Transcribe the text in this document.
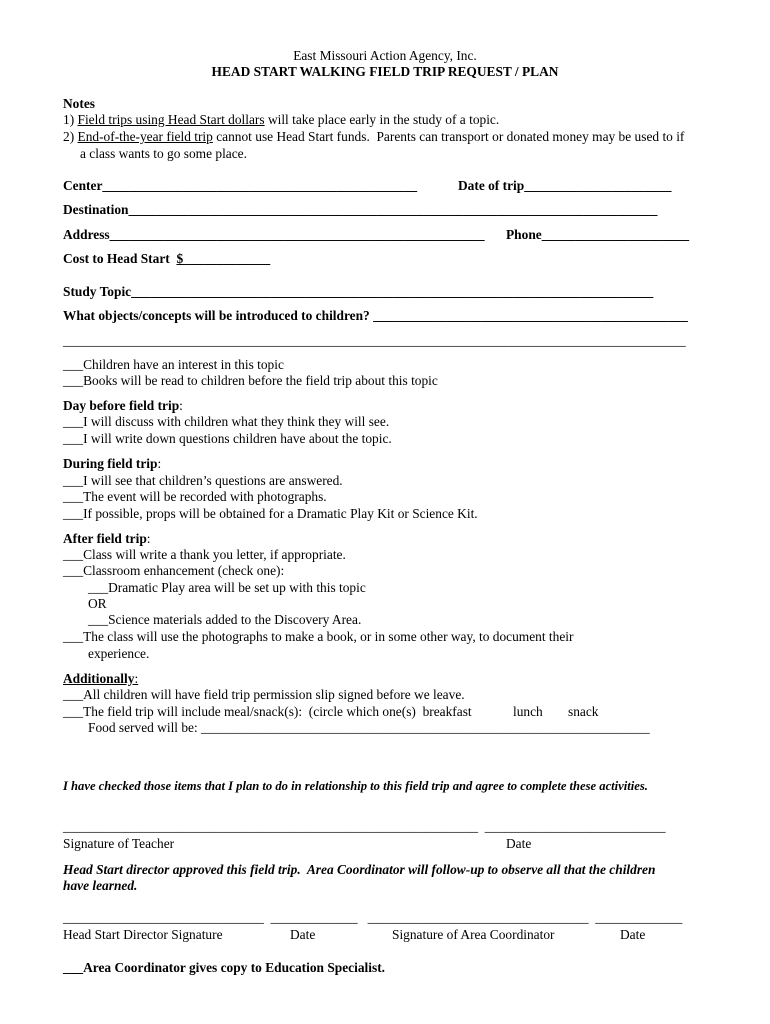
East Missouri Action Agency, Inc.
HEAD START WALKING FIELD TRIP REQUEST / PLAN
Notes
1) Field trips using Head Start dollars will take place early in the study of a topic.
2) End-of-the-year field trip cannot use Head Start funds.  Parents can transport or donated money may be used to if
a class wants to go some place.
Center_______________________________________________	Date of trip______________________
Destination_______________________________________________________________________________
Address________________________________________________________ Phone______________________
Cost to Head Start  $_____________
Study Topic______________________________________________________________________________
What objects/concepts will be introduced to children? _______________________________________________
_____________________________________________________________________________________________
___Children have an interest in this topic
___Books will be read to children before the field trip about this topic
Day before field trip:
___I will discuss with children what they think they will see.
___I will write down questions children have about the topic.
During field trip:
___I will see that children’s questions are answered.
___The event will be recorded with photographs.
___If possible, props will be obtained for a Dramatic Play Kit or Science Kit.
After field trip:
___Class will write a thank you letter, if appropriate.
___Classroom enhancement (check one):
___Dramatic Play area will be set up with this topic
OR
___Science materials added to the Discovery Area.
___The class will use the photographs to make a book, or in some other way, to document their
experience.
Additionally:
___All children will have field trip permission slip signed before we leave.
___The field trip will include meal/snack(s):  (circle which one(s)  breakfast	lunch snack
Food served will be: ___________________________________________________________________
I have checked those items that I plan to do in relationship to this field trip and agree to complete these activities.
______________________________________________________________  ___________________________
Signature of Teacher	Date
Head Start director approved this field trip.  Area Coordinator will follow-up to observe all that the children
have learned.
______________________________  _____________   _________________________________  _____________
Head Start Director Signature	Date	Signature of Area Coordinator	Date
___Area Coordinator gives copy to Education Specialist.
